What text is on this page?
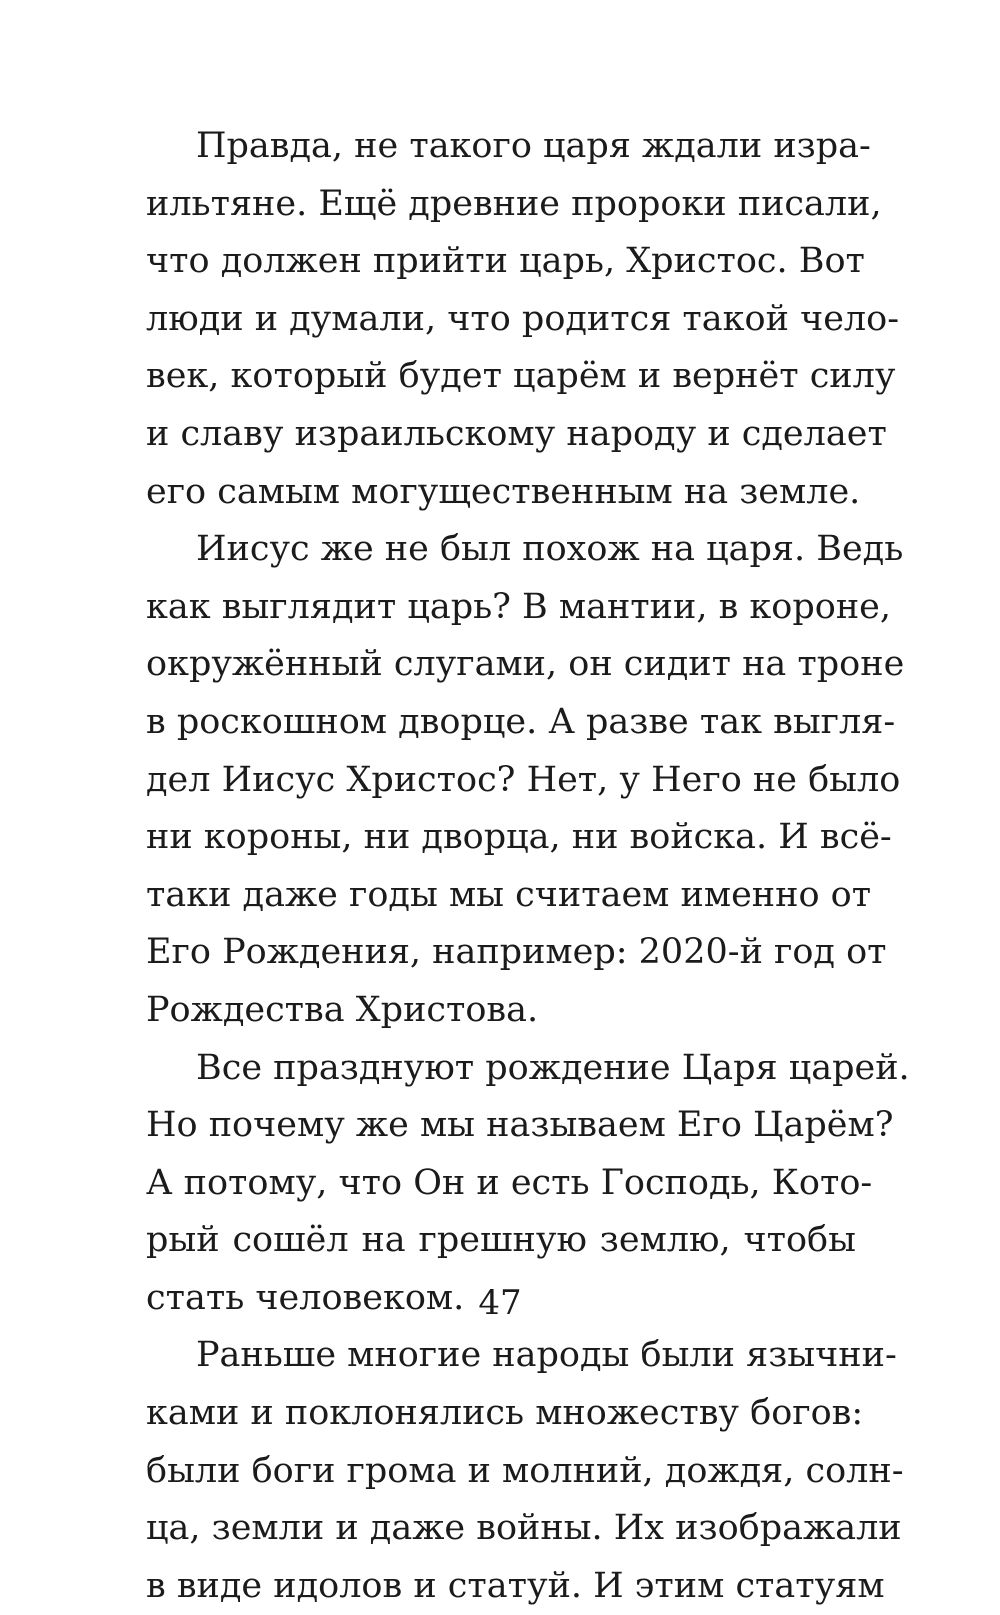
Правда, не такого царя ждали изра-
ильтяне. Ещё древние пророки писали,
что должен прийти царь, Христос. Вот
люди и думали, что родится такой чело-
век, который будет царём и вернёт силу
и славу израильскому народу и сделает
его самым могущественным на земле.
Иисус же не был похож на царя. Ведь
как выглядит царь? В мантии, в короне,
окружённый слугами, он сидит на троне
в роскошном дворце. А разве так выгля-
дел Иисус Христос? Нет, у Него не было
ни короны, ни дворца, ни войска. И всё-
таки даже годы мы считаем именно от
Его Рождения, например: 2020-й год от
Рождества Христова.
Все празднуют рождение Царя царей.
Но почему же мы называем Его Царём?
А потому, что Он и есть Господь, Кото-
рый сошёл на грешную землю, чтобы
стать человеком.
Раньше многие народы были язычни-
ками и поклонялись множеству богов:
были боги грома и молний, дождя, солн-
ца, земли и даже войны. Их изображали
в виде идолов и статуй. И этим статуям
47
